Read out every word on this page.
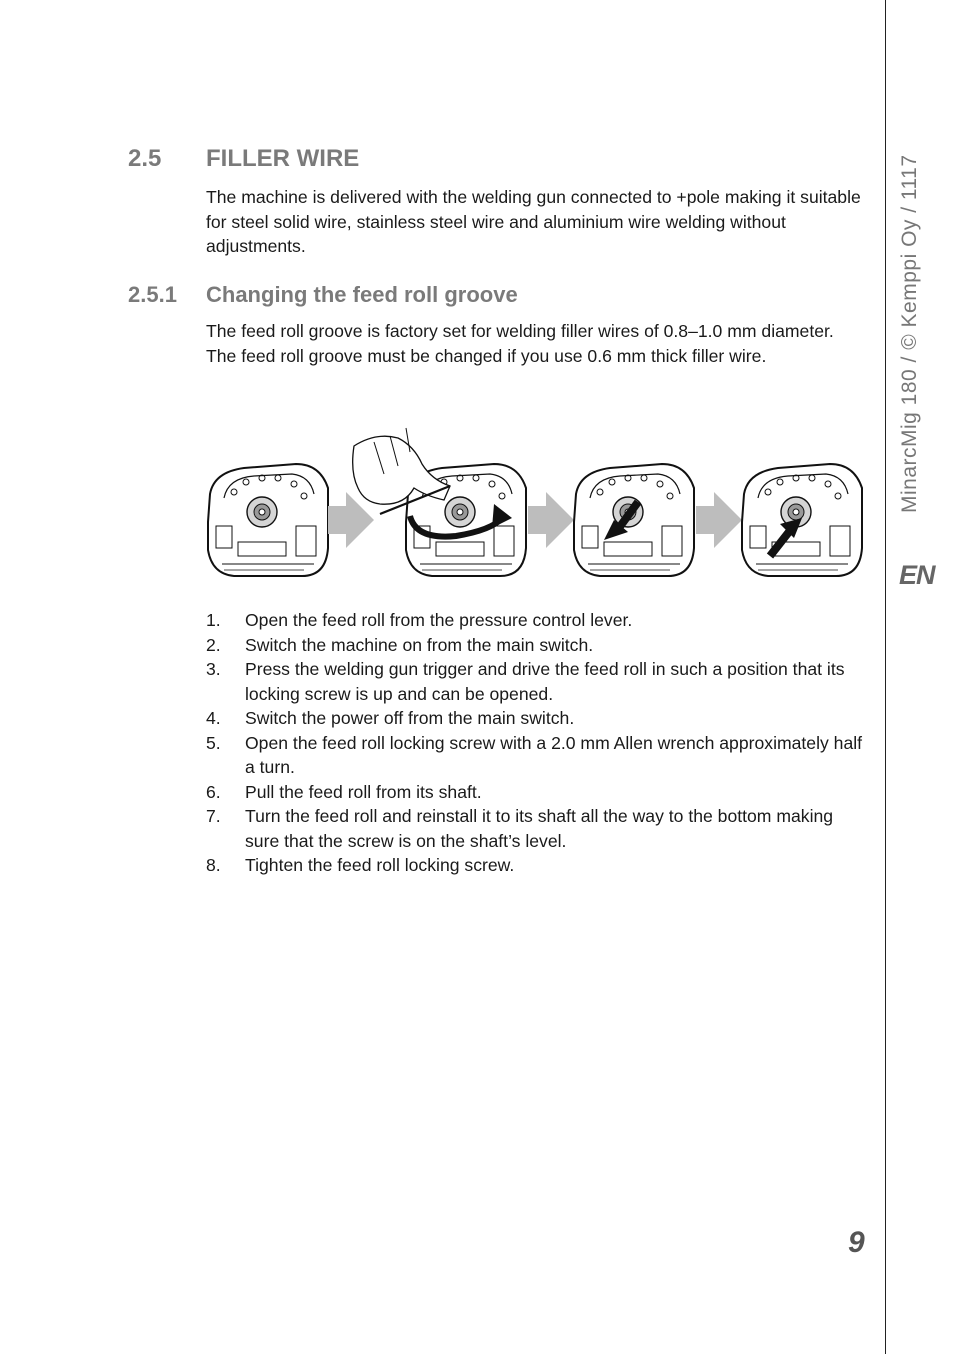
MinarcMig 180 / © Kemppi Oy / 1117
EN
9
2.5 FILLER WIRE
The machine is delivered with the welding gun connected to +pole making it suitable for steel solid wire, stainless steel wire and aluminium wire welding without adjustments.
2.5.1 Changing the feed roll groove
The feed roll groove is factory set for welding filler wires of 0.8–1.0 mm diameter. The feed roll groove must be changed if you use 0.6 mm thick filler wire.
1.	Open the feed roll from the pressure control lever.
2.	Switch the machine on from the main switch.
3.	Press the welding gun trigger and drive the feed roll in such a position that its locking screw is up and can be opened.
4.	Switch the power off from the main switch.
5.	Open the feed roll locking screw with a 2.0 mm Allen wrench approximately half a turn.
6.	Pull the feed roll from its shaft.
7.	Turn the feed roll and reinstall it to its shaft all the way to the bottom making sure that the screw is on the shaft’s level.
8.	Tighten the feed roll locking screw.
